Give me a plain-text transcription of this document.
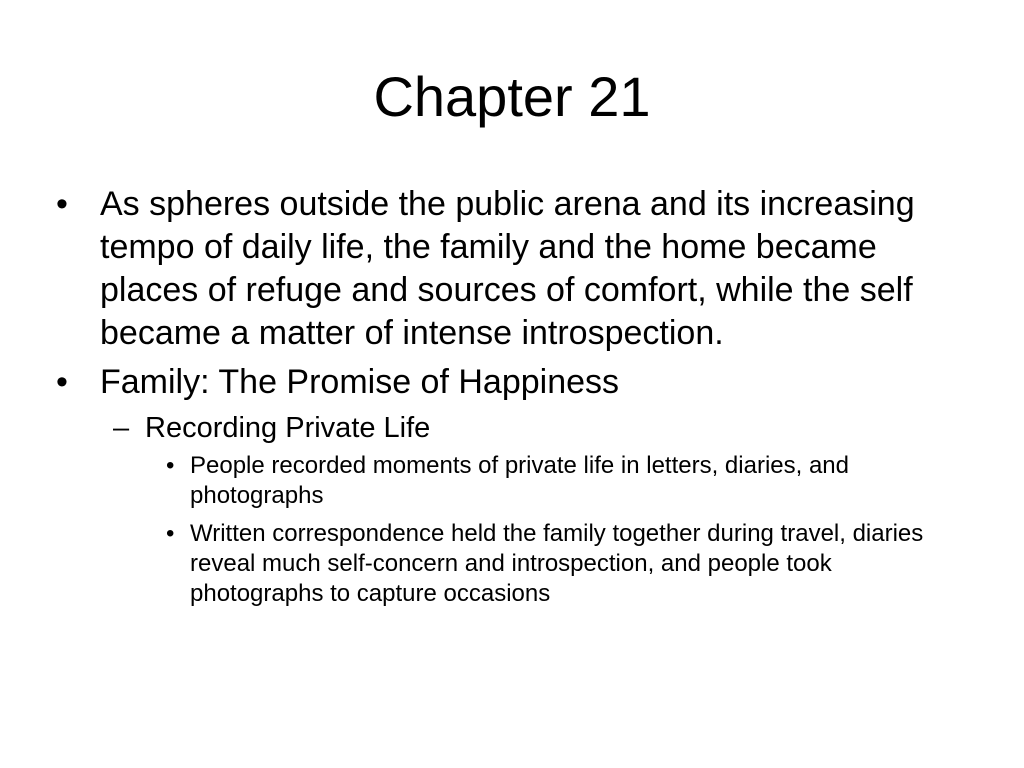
Chapter 21
• As spheres outside the public arena and its increasing tempo of daily life, the family and the home became places of refuge and sources of comfort, while the self became a matter of intense introspection.
• Family: The Promise of Happiness
– Recording Private Life
• People recorded moments of private life in letters, diaries, and photographs
• Written correspondence held the family together during travel, diaries reveal much self-concern and introspection, and people took photographs to capture occasions
